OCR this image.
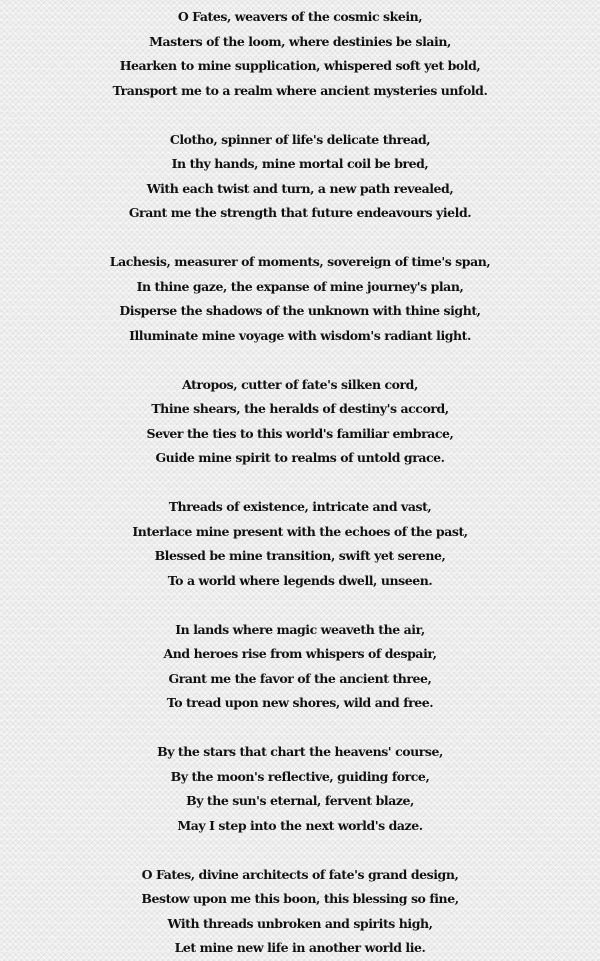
O Fates, weavers of the cosmic skein,
Masters of the loom, where destinies be slain,
Hearken to mine supplication, whispered soft yet bold,
Transport me to a realm where ancient mysteries unfold.
Clotho, spinner of life's delicate thread,
In thy hands, mine mortal coil be bred,
With each twist and turn, a new path revealed,
Grant me the strength that future endeavours yield.
Lachesis, measurer of moments, sovereign of time's span,
In thine gaze, the expanse of mine journey's plan,
Disperse the shadows of the unknown with thine sight,
Illuminate mine voyage with wisdom's radiant light.
Atropos, cutter of fate's silken cord,
Thine shears, the heralds of destiny's accord,
Sever the ties to this world's familiar embrace,
Guide mine spirit to realms of untold grace.
Threads of existence, intricate and vast,
Interlace mine present with the echoes of the past,
Blessed be mine transition, swift yet serene,
To a world where legends dwell, unseen.
In lands where magic weaveth the air,
And heroes rise from whispers of despair,
Grant me the favor of the ancient three,
To tread upon new shores, wild and free.
By the stars that chart the heavens' course,
By the moon's reflective, guiding force,
By the sun's eternal, fervent blaze,
May I step into the next world's daze.
O Fates, divine architects of fate's grand design,
Bestow upon me this boon, this blessing so fine,
With threads unbroken and spirits high,
Let mine new life in another world lie.
